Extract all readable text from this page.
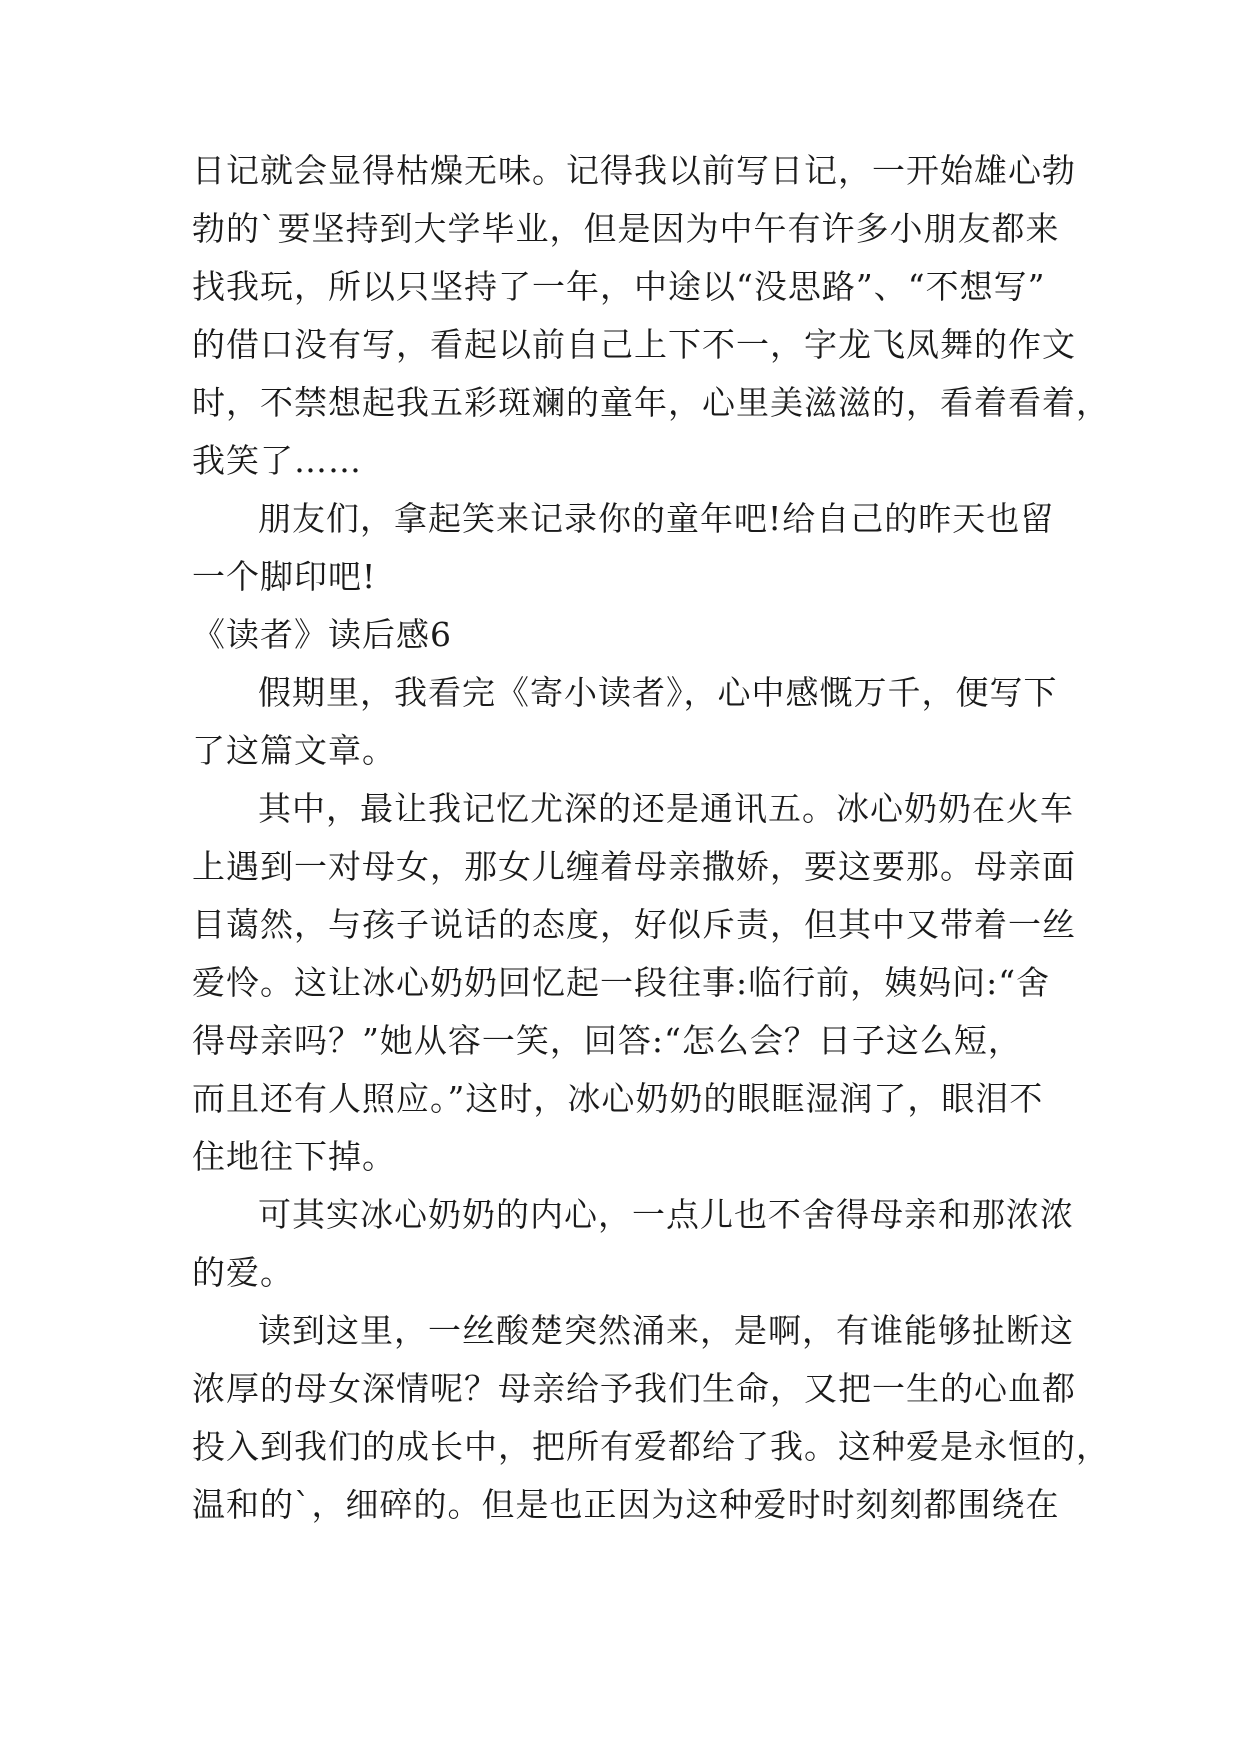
日记就会显得枯燥无味。记得我以前写日记，一开始雄心勃
勃的`要坚持到大学毕业，但是因为中午有许多小朋友都来
找我玩，所以只坚持了一年，中途以“没思路”、“不想写”
的借口没有写，看起以前自己上下不一，字龙飞凤舞的作文
时，不禁想起我五彩斑斓的童年，心里美滋滋的，看着看着，
我笑了……
朋友们，拿起笑来记录你的童年吧!给自己的昨天也留
一个脚印吧!
《读者》读后感6
假期里，我看完《寄小读者》，心中感慨万千，便写下
了这篇文章。
其中，最让我记忆尤深的还是通讯五。冰心奶奶在火车
上遇到一对母女，那女儿缠着母亲撒娇，要这要那。母亲面
目蔼然，与孩子说话的态度，好似斥责，但其中又带着一丝
爱怜。这让冰心奶奶回忆起一段往事:临行前，姨妈问:“舍
得母亲吗？”她从容一笑，回答:“怎么会？日子这么短，
而且还有人照应。”这时，冰心奶奶的眼眶湿润了，眼泪不
住地往下掉。
可其实冰心奶奶的内心，一点儿也不舍得母亲和那浓浓
的爱。
读到这里，一丝酸楚突然涌来，是啊，有谁能够扯断这
浓厚的母女深情呢？母亲给予我们生命，又把一生的心血都
投入到我们的成长中，把所有爱都给了我。这种爱是永恒的，
温和的`，细碎的。但是也正因为这种爱时时刻刻都围绕在
